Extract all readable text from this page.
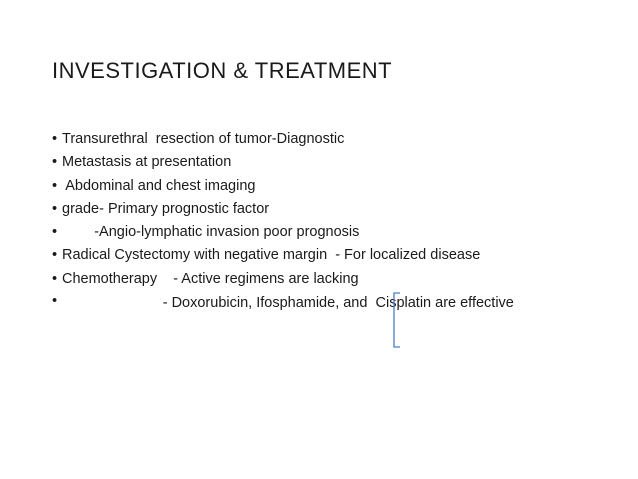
INVESTIGATION & TREATMENT
• Transurethral  resection of tumor-Diagnostic
• Metastasis at presentation
• Abdominal and chest imaging
• grade- Primary prognostic factor
• -Angio-lymphatic invasion poor prognosis
• Radical Cystectomy with negative margin  - For localized disease
• Chemotherapy    - Active regimens are lacking
• - Doxorubicin, Ifosphamide, and  Cisplatin are effective
